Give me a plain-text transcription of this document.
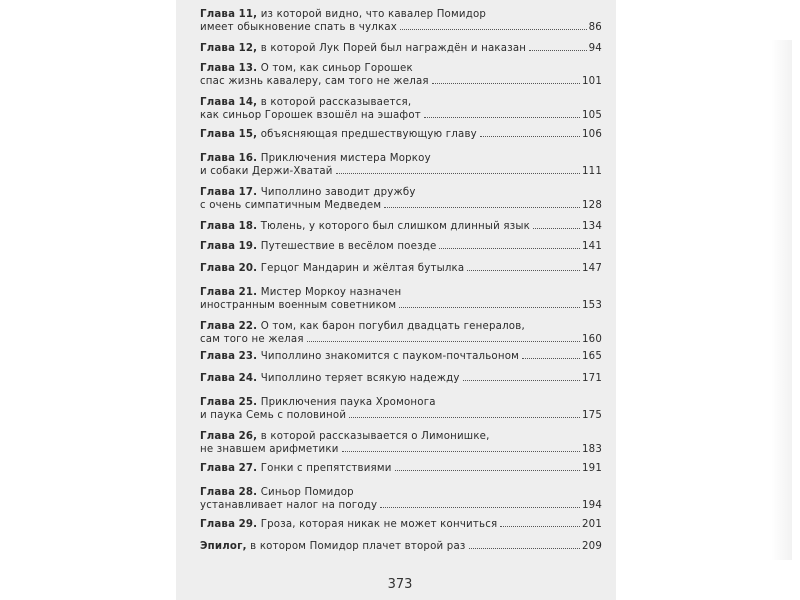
Глава 11, из которой видно, что кавалер Помидор
имеет обыкновение спать в чулках	86
Глава 12, в которой Лук Порей был награждён и наказан	94
Глава 13. О том, как синьор Горошек
спас жизнь кавалеру, сам того не желая	101
Глава 14, в которой рассказывается,
как синьор Горошек взошёл на эшафот	105
Глава 15, объясняющая предшествующую главу	106
Глава 16. Приключения мистера Моркоу
и собаки Держи-Хватай	111
Глава 17. Чиполлино заводит дружбу
с очень симпатичным Медведем	128
Глава 18. Тюлень, у которого был слишком длинный язык	134
Глава 19. Путешествие в весёлом поезде	141
Глава 20. Герцог Мандарин и жёлтая бутылка	147
Глава 21. Мистер Моркоу назначен
иностранным военным советником	153
Глава 22. О том, как барон погубил двадцать генералов,
сам того не желая	160
Глава 23. Чиполлино знакомится с пауком-почтальоном	165
Глава 24. Чиполлино теряет всякую надежду	171
Глава 25. Приключения паука Хромонога
и паука Семь с половиной	175
Глава 26, в которой рассказывается о Лимонишке,
не знавшем арифметики	183
Глава 27. Гонки с препятствиями	191
Глава 28. Синьор Помидор
устанавливает налог на погоду	194
Глава 29. Гроза, которая никак не может кончиться	201
Эпилог, в котором Помидор плачет второй раз	209
373
